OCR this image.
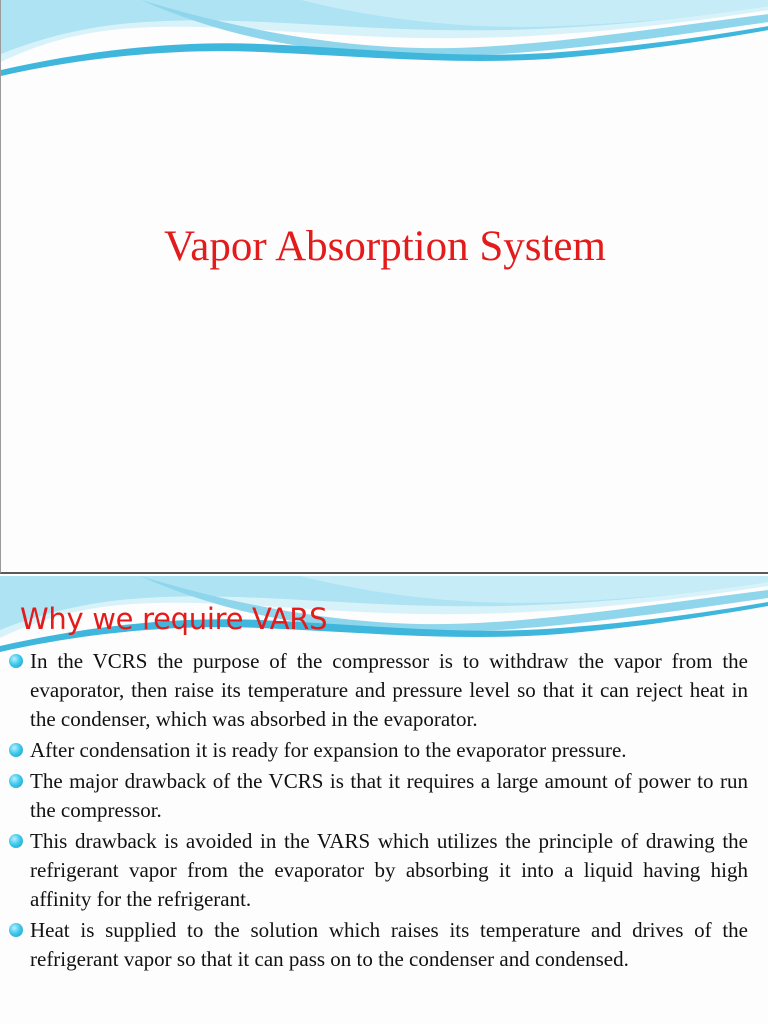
Vapor Absorption System
Why we require VARS
In the VCRS the purpose of the compressor is to withdraw the vapor from the evaporator, then raise its temperature and pressure level so that it can reject heat in the condenser, which was absorbed in the evaporator.
After condensation it is ready for expansion to the evaporator pressure.
The major drawback of the VCRS is that it requires a large amount of power to run the compressor.
This drawback is avoided in the VARS which utilizes the principle of drawing the refrigerant vapor from the evaporator by absorbing it into a liquid having high affinity for the refrigerant.
Heat is supplied to the solution which raises its temperature and drives of the refrigerant vapor so that it can pass on to the condenser and condensed.
